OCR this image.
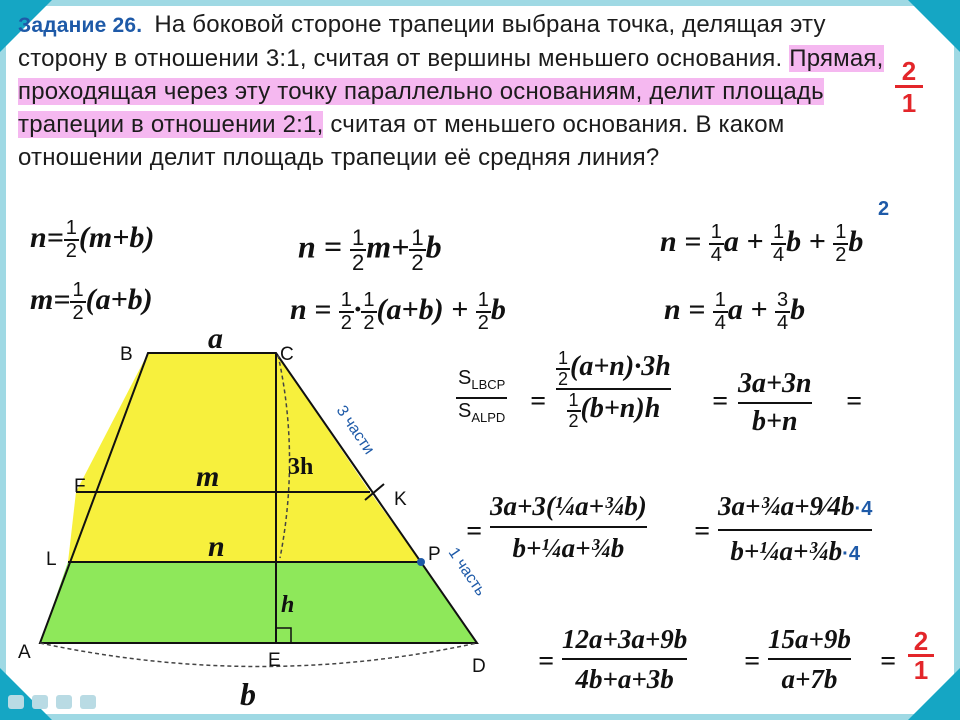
Задание 26. На боковой стороне трапеции выбрана точка, делящая эту сторону в отношении 3:1, считая от вершины меньшего основания. Прямая, проходящая через эту точку параллельно основаниям, делит площадь трапеции в отношении 2:1, считая от меньшего основания. В каком отношении делит площадь трапеции её средняя линия?
2
1
B	C
F
K
L	P
A	E	D
a
m
n
3h
h
b
3 части
1 часть
$n= \frac{1}{2} (m+b)$
$m= \frac{1}{2} (a+b)$
$n = \frac{1}{2} m+ \frac{1}{2}$ b
$n = \frac{1}{2} \cdot \frac{1}{2} (a+b) + \frac{1}{2}$ b
$n = \frac{1}{4}$ $a + \frac{1}{4}$ $b + \frac{1}{2}$ b
2
$n = \frac{1}{4}$ $a + \frac{3}{4}$ b
$S_{LBCP}$
$S_{ALPD}$
=
$\frac{1}{2} (a+n)\cdot 3h$
$\frac{1}{2} (b+n)h$	=
3a+3n
b+n
=
=
3a+3(¼a+¾b)
b+¼a+¾b
=
3a+¾a+9⁄4b·4
b+¼a+¾b·4
=
12a+3a+9b
4b+a+3b
=
15a+9b
a+7b
= $\frac{2}{1}$
